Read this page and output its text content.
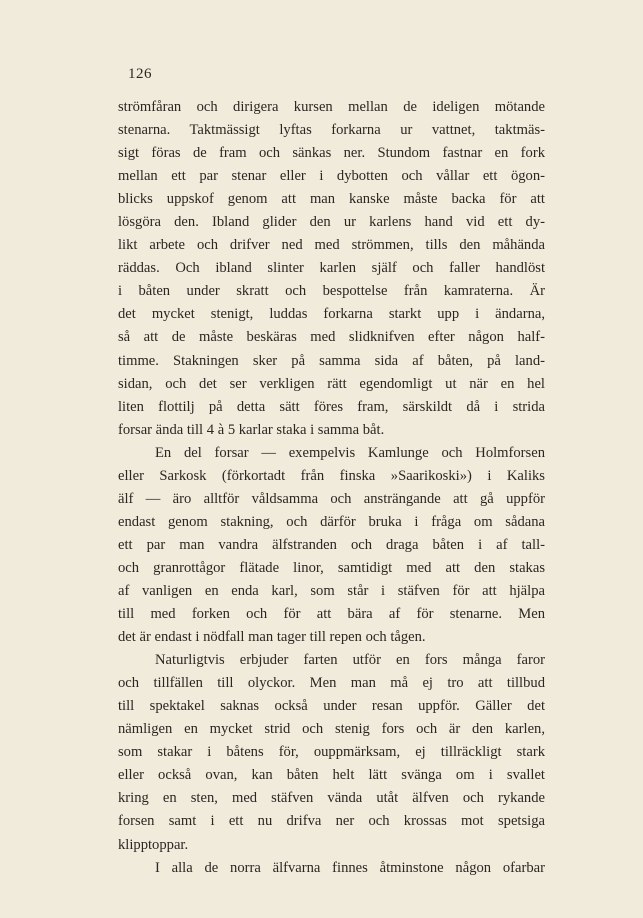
126
strömfåran och dirigera kursen mellan de ideligen mötande
stenarna. Taktmässigt lyftas forkarna ur vattnet, taktmäs-
sigt föras de fram och sänkas ner. Stundom fastnar en fork
mellan ett par stenar eller i dybotten och vållar ett ögon-
blicks uppskof genom att man kanske måste backa för att
lösgöra den. Ibland glider den ur karlens hand vid ett dy-
likt arbete och drifver ned med strömmen, tills den måhända
räddas. Och ibland slinter karlen själf och faller handlöst
i båten under skratt och bespottelse från kamraterna. Är
det mycket stenigt, luddas forkarna starkt upp i ändarna,
så att de måste beskäras med slidknifven efter någon half-
timme. Stakningen sker på samma sida af båten, på land-
sidan, och det ser verkligen rätt egendomligt ut när en hel
liten flottilj på detta sätt föres fram, särskildt då i strida
forsar ända till 4 à 5 karlar staka i samma båt.
En del forsar — exempelvis Kamlunge och Holmforsen
eller Sarkosk (förkortadt från finska »Saarikoski») i Kaliks
älf — äro alltför våldsamma och ansträngande att gå uppför
endast genom stakning, och därför bruka i fråga om sådana
ett par man vandra älfstranden och draga båten i af tall-
och granrottågor flätade linor, samtidigt med att den stakas
af vanligen en enda karl, som står i stäfven för att hjälpa
till med forken och för att bära af för stenarne. Men
det är endast i nödfall man tager till repen och tågen.
Naturligtvis erbjuder farten utför en fors många faror
och tillfällen till olyckor. Men man må ej tro att tillbud
till spektakel saknas också under resan uppför. Gäller det
nämligen en mycket strid och stenig fors och är den karlen,
som stakar i båtens för, ouppmärksam, ej tillräckligt stark
eller också ovan, kan båten helt lätt svänga om i svallet
kring en sten, med stäfven vända utåt älfven och rykande
forsen samt i ett nu drifva ner och krossas mot spetsiga
klipptoppar.
I alla de norra älfvarna finnes åtminstone någon ofarbar
